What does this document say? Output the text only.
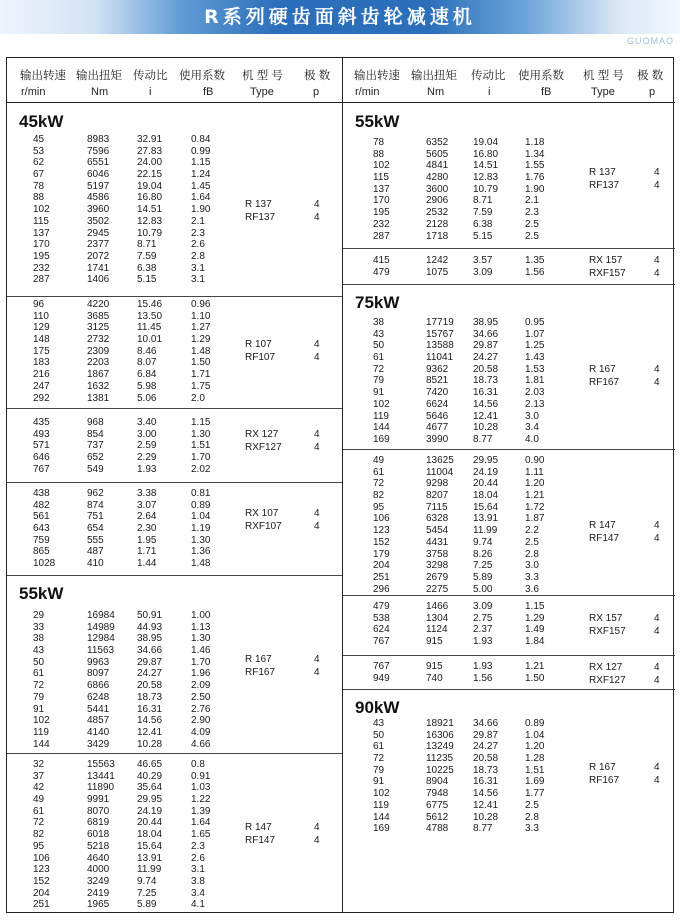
R系列硬齿面斜齿轮减速机
GUOMAO
输出转速
r/min
输出扭矩
Nm
传动比
i
使用系数
fB
机 型 号
Type
极 数
p
45kW
45	8983	32.91	0.84
53	7596	27.83	0.99
62	6551	24.00	1.15
67	6046	22.15	1.24
78	5197	19.04	1.45
88	4586	16.80	1.64
102	3960	14.51	1.90
115	3502	12.83	2.1
137	2945	10.79	2.3
170	2377	8.71	2.6
195	2072	7.59	2.8
232	1741	6.38	3.1
287	1406	5.15	3.1
R 137	4
RF137	4
96	4220	15.46	0.96
110	3685	13.50	1.10
129	3125	11.45	1.27
148	2732	10.01	1.29
175	2309	8.46	1.48
183	2203	8.07	1.50
216	1867	6.84	1.71
247	1632	5.98	1.75
292	1381	5.06	2.0
R 107	4
RF107	4
435	968	3.40	1.15
493	854	3.00	1.30
571	737	2.59	1.51
646	652	2.29	1.70
767	549	1.93	2.02
RX 127	4
RXF127	4
438	962	3.38	0.81
482	874	3.07	0.89
561	751	2.64	1.04
643	654	2.30	1.19
759	555	1.95	1.30
865	487	1.71	1.36
1028	410	1.44	1.48
RX 107	4
RXF107	4
55kW
29	16984 50.91	1.00
33	14989 44.93	1.13
38	12984 38.95	1.30
43	11563 34.66	1.46
50	9963	29.87	1.70
61	8097	24.27	1.96
72	6866	20.58	2.09
79	6248	18.73	2.50
91	5441	16.31	2.76
102	4857	14.56	2.90
119	4140	12.41	4.09
144	3429	10.28	4.66
R 167	4
RF167	4
32	15563 46.65	0.8
37	13441 40.29	0.91
42	11890 35.64	1.03
49	9991	29.95	1.22
61	8070	24.19	1.39
72	6819	20.44	1.64
82	6018	18.04	1.65
95	5218	15.64	2.3
106	4640	13.91	2.6
123	4000	11.99	3.1
152	3249	9.74	3.8
204	2419	7.25	3.4
251	1965	5.89	4.1
R 147	4
RF147	4
输出转速
r/min
输出扭矩
Nm
传动比
i
使用系数
fB
机 型 号
Type
极 数
p
55kW
78	6352 19.04	1.18
88	5605 16.80	1.34
102	4841 14.51	1.55
115	4280 12.83	1.76
137	3600 10.79	1.90
170	2906 8.71	2.1
195	2532 7.59	2.3
232	2128 6.38	2.5
287	1718 5.15	2.5
R 137	4
RF137	4
415	1242 3.57	1.35
479	1075 3.09	1.56
RX 157	4
RXF157	4
75kW
38	17719 38.95	0.95
43	15767 34.66	1.07
50	13588 29.87	1.25
61	11041 24.27	1.43
72	9362 20.58	1.53
79	8521 18.73	1.81
91	7420 16.31	2.03
102	6624 14.56	2.13
119	5646 12.41	3.0
144	4677 10.28	3.4
169	3990 8.77	4.0
R 167	4
RF167	4
49	13625 29.95	0.90
61	11004 24.19	1.11
72	9298 20.44	1.20
82	8207 18.04	1.21
95	7115	15.64	1.72
106	6328 13.91	1.87
123	5454 11.99	2.2
152	4431 9.74	2.5
179	3758 8.26	2.8
204	3298 7.25	3.0
251	2679 5.89	3.3
296	2275 5.00	3.6
R 147	4
RF147	4
479	1466 3.09	1.15
538	1304 2.75	1.29
624	1124	2.37	1.49
767	915	1.93	1.84
RX 157	4
RXF157	4
767	915	1.93	1.21
949	740	1.56	1.50
RX 127	4
RXF127	4
90kW
43	18921 34.66	0.89
50	16306 29.87	1.04
61	13249 24.27	1.20
72	11235 20.58	1.28
79	10225 18.73	1.51
91	8904 16.31	1.69
102	7948 14.56	1.77
119	6775 12.41	2.5
144	5612 10.28	2.8
169	4788 8.77	3.3
R 167	4
RF167	4
